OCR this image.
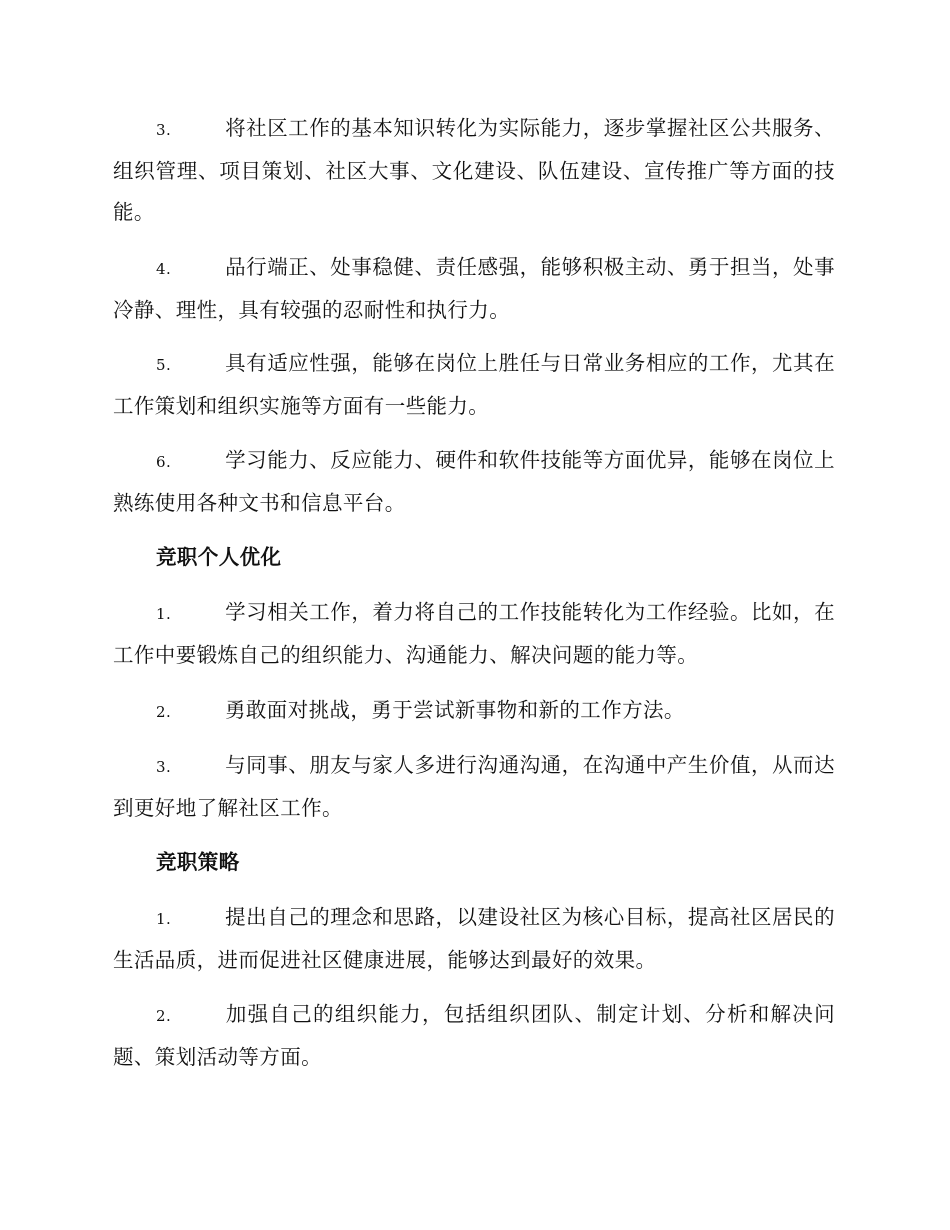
3.	将社区工作的基本知识转化为实际能力，逐步掌握社区公共服务、组织管理、项目策划、社区大事、文化建设、队伍建设、宣传推广等方面的技能。

4.	品行端正、处事稳健、责任感强，能够积极主动、勇于担当，处事冷静、理性，具有较强的忍耐性和执行力。

5.	具有适应性强，能够在岗位上胜任与日常业务相应的工作，尤其在工作策划和组织实施等方面有一些能力。

6.	学习能力、反应能力、硬件和软件技能等方面优异，能够在岗位上熟练使用各种文书和信息平台。

竞职个人优化

1.	学习相关工作，着力将自己的工作技能转化为工作经验。比如，在工作中要锻炼自己的组织能力、沟通能力、解决问题的能力等。

2.	勇敢面对挑战，勇于尝试新事物和新的工作方法。

3.	与同事、朋友与家人多进行沟通沟通，在沟通中产生价值，从而达到更好地了解社区工作。

竞职策略

1.	提出自己的理念和思路，以建设社区为核心目标，提高社区居民的生活品质，进而促进社区健康进展，能够达到最好的效果。

2.	加强自己的组织能力，包括组织团队、制定计划、分析和解决问题、策划活动等方面。
